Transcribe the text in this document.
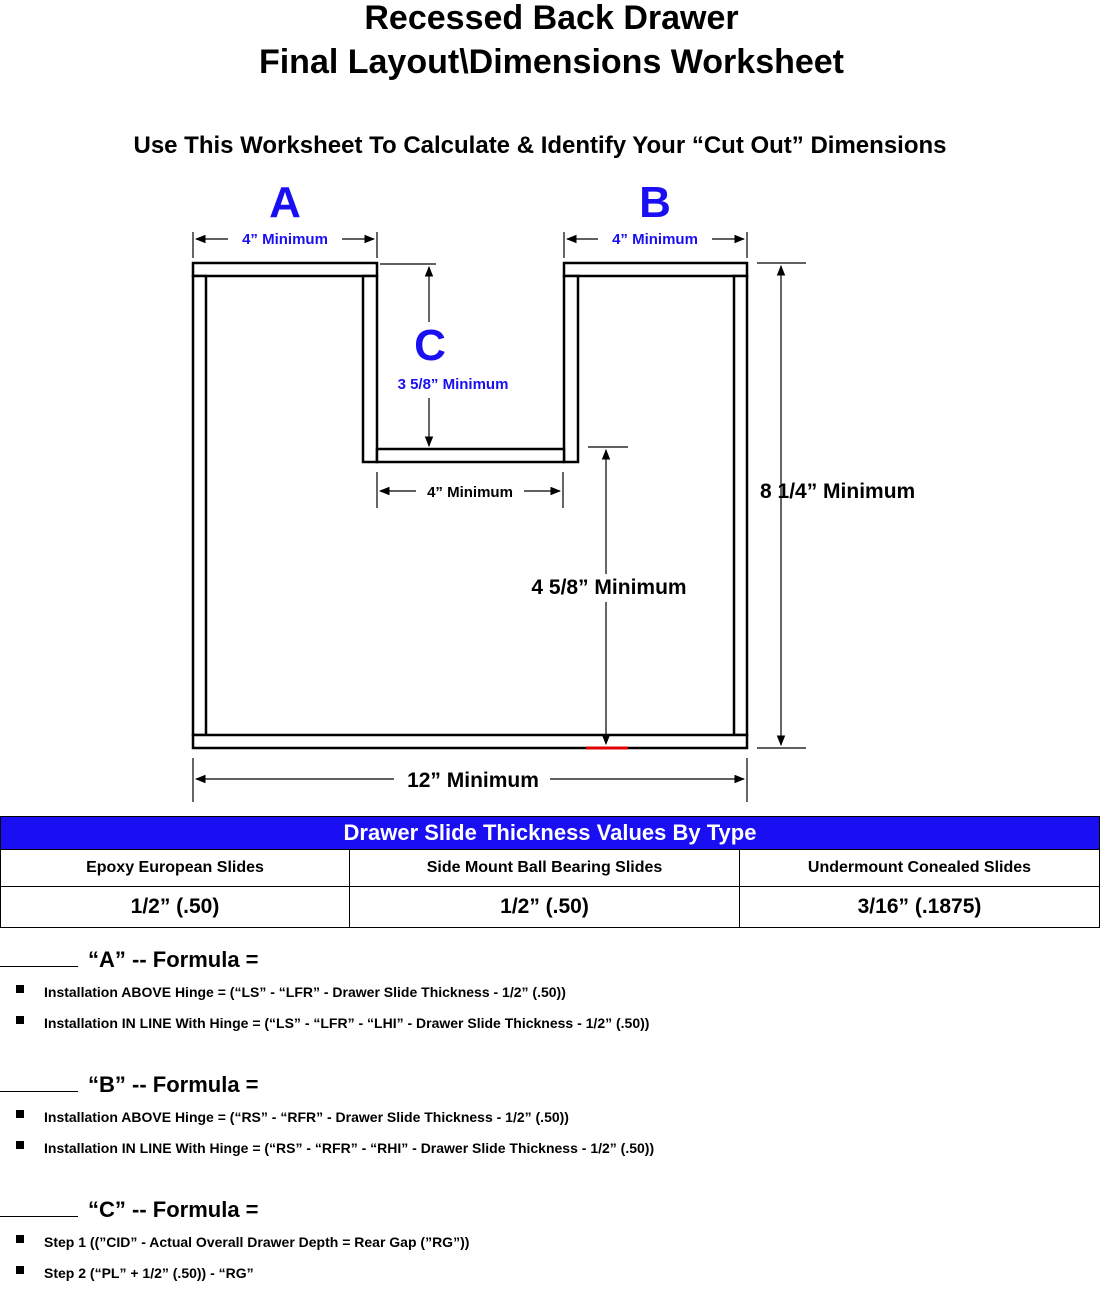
Recessed Back Drawer
Final Layout\Dimensions Worksheet
Use This Worksheet To Calculate & Identify Your “Cut Out” Dimensions
A
4” Minimum
B
4” Minimum
C
3 5/8” Minimum
4” Minimum	8 1/4” Minimum
4 5/8” Minimum
12” Minimum
Drawer Slide Thickness Values By Type		
Epoxy European Slides	Side Mount Ball Bearing Slides	Undermount Conealed Slides
1/2” (.50)	1/2” (.50)	3/16” (.1875)
“A” -- Formula =
Installation ABOVE Hinge = (“LS” - “LFR” - Drawer Slide Thickness - 1/2” (.50))
Installation IN LINE With Hinge = (“LS” - “LFR” - “LHI” - Drawer Slide Thickness - 1/2” (.50))
“B” -- Formula =
Installation ABOVE Hinge = (“RS” - “RFR” - Drawer Slide Thickness - 1/2” (.50))
Installation IN LINE With Hinge = (“RS” - “RFR” - “RHI” - Drawer Slide Thickness - 1/2” (.50))
“C” -- Formula =
Step 1 ((”CID” - Actual Overall Drawer Depth = Rear Gap (”RG”))
Step 2 (“PL” + 1/2” (.50)) - “RG”
